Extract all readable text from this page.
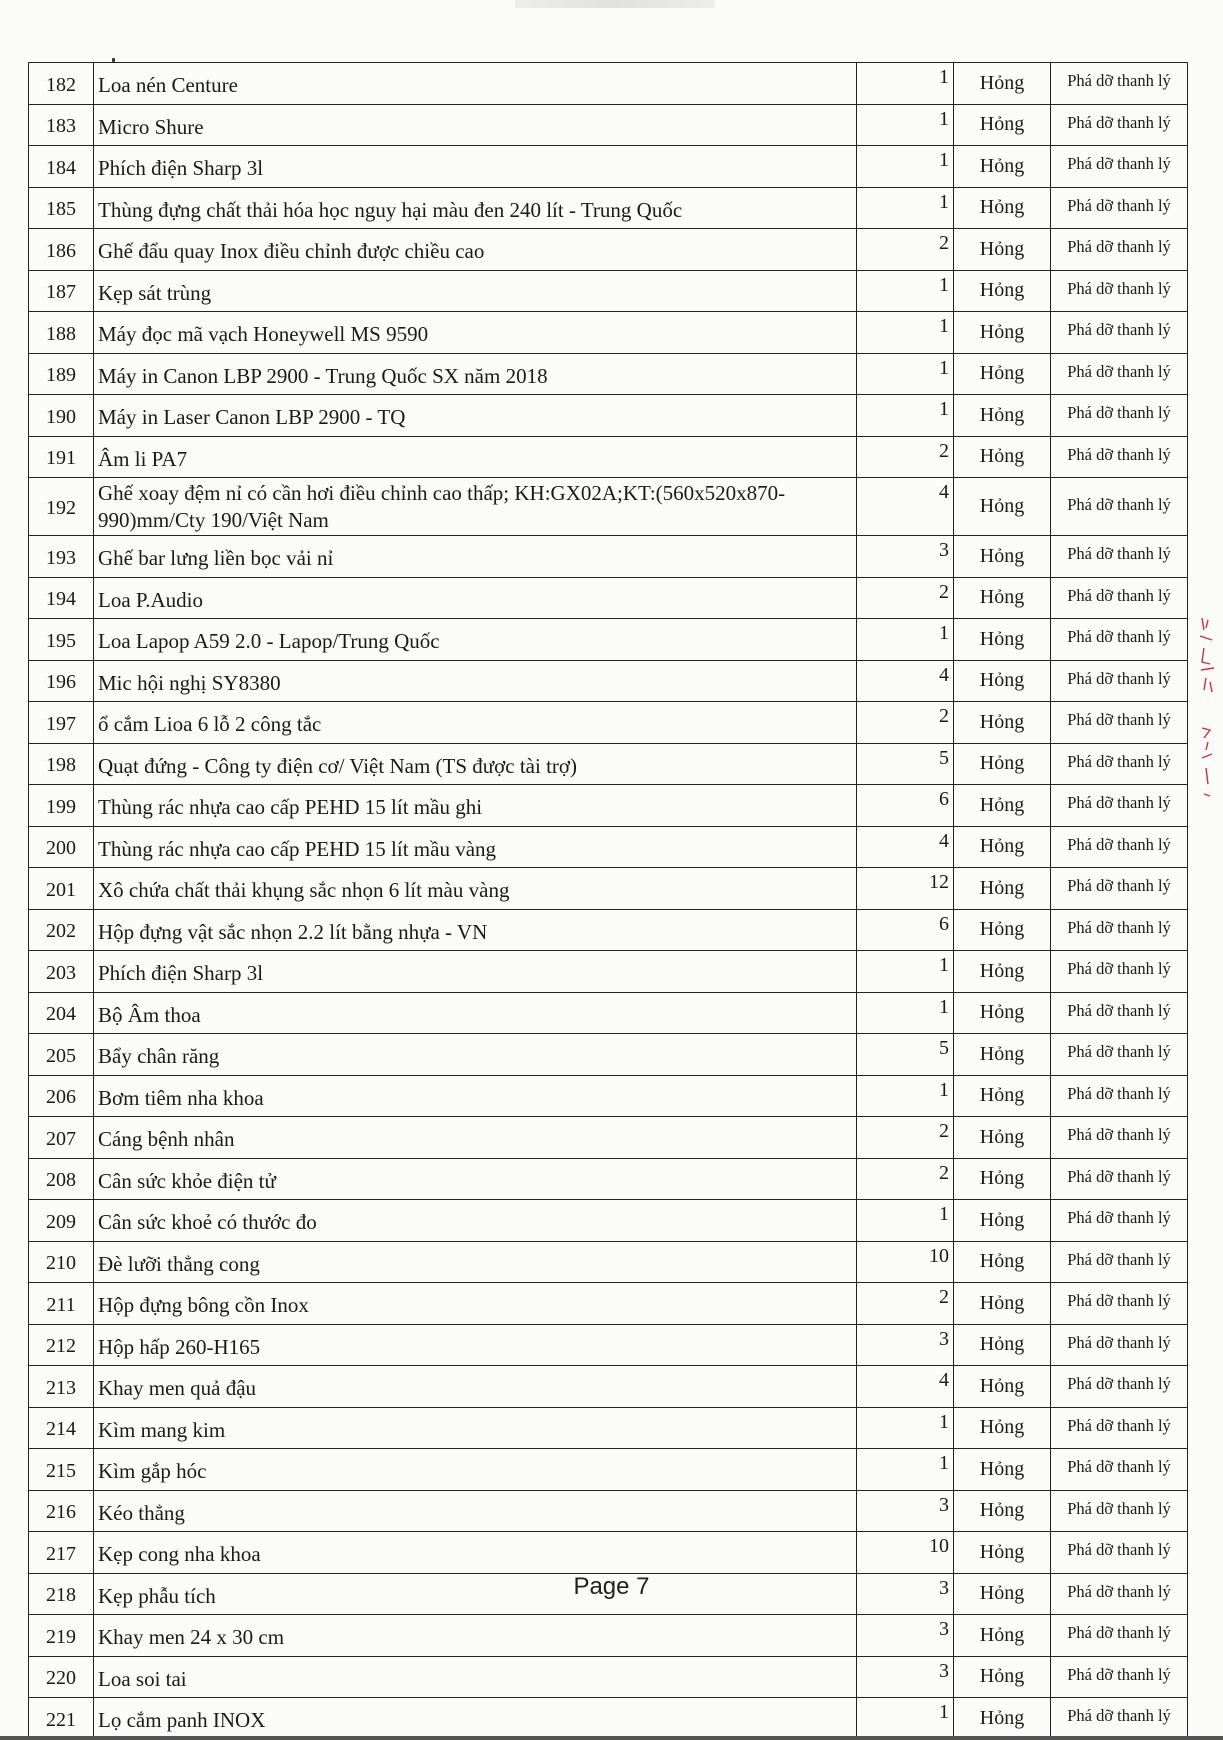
182	Loa nén Centure	1	Hỏng	Phá dỡ thanh lý
183	Micro Shure	1	Hỏng	Phá dỡ thanh lý
184	Phích điện Sharp 3l	1	Hỏng	Phá dỡ thanh lý
185	Thùng đựng chất thải hóa học nguy hại màu đen 240 lít - Trung Quốc	1	Hỏng	Phá dỡ thanh lý
186	Ghế đẩu quay Inox điều chỉnh được chiều cao	2	Hỏng	Phá dỡ thanh lý
187	Kẹp sát trùng	1	Hỏng	Phá dỡ thanh lý
188	Máy đọc mã vạch Honeywell MS 9590	1	Hỏng	Phá dỡ thanh lý
189	Máy in Canon LBP 2900 - Trung Quốc SX năm 2018	1	Hỏng	Phá dỡ thanh lý
190	Máy in Laser Canon LBP 2900 - TQ	1	Hỏng	Phá dỡ thanh lý
191	Âm li PA7	2	Hỏng	Phá dỡ thanh lý
192	Ghế xoay đệm nỉ có cần hơi điều chỉnh cao thấp; KH:GX02A;KT:(560x520x870-990)mm/Cty 190/Việt Nam	4	Hỏng	Phá dỡ thanh lý
193	Ghế bar lưng liền bọc vải nỉ	3	Hỏng	Phá dỡ thanh lý
194	Loa P.Audio	2	Hỏng	Phá dỡ thanh lý
195	Loa Lapop A59 2.0 - Lapop/Trung Quốc	1	Hỏng	Phá dỡ thanh lý
196	Mic hội nghị SY8380	4	Hỏng	Phá dỡ thanh lý
197	ổ cắm Lioa 6 lỗ 2 công tắc	2	Hỏng	Phá dỡ thanh lý
198	Quạt đứng - Công ty điện cơ/ Việt Nam (TS được tài trợ)	5	Hỏng	Phá dỡ thanh lý
199	Thùng rác nhựa cao cấp PEHD 15 lít mầu ghi	6	Hỏng	Phá dỡ thanh lý
200	Thùng rác nhựa cao cấp PEHD 15 lít mầu vàng	4	Hỏng	Phá dỡ thanh lý
201	Xô chứa chất thải khụng sắc nhọn 6 lít màu vàng	12	Hỏng	Phá dỡ thanh lý
202	Hộp đựng vật sắc nhọn 2.2 lít bằng nhựa - VN	6	Hỏng	Phá dỡ thanh lý
203	Phích điện Sharp 3l	1	Hỏng	Phá dỡ thanh lý
204	Bộ Âm thoa	1	Hỏng	Phá dỡ thanh lý
205	Bẩy chân răng	5	Hỏng	Phá dỡ thanh lý
206	Bơm tiêm nha khoa	1	Hỏng	Phá dỡ thanh lý
207	Cáng bệnh nhân	2	Hỏng	Phá dỡ thanh lý
208	Cân sức khỏe điện tử	2	Hỏng	Phá dỡ thanh lý
209	Cân sức khoẻ có thước đo	1	Hỏng	Phá dỡ thanh lý
210	Đè lưỡi thẳng cong	10	Hỏng	Phá dỡ thanh lý
211	Hộp đựng bông cồn Inox	2	Hỏng	Phá dỡ thanh lý
212	Hộp hấp 260-H165	3	Hỏng	Phá dỡ thanh lý
213	Khay men quả đậu	4	Hỏng	Phá dỡ thanh lý
214	Kìm mang kim	1	Hỏng	Phá dỡ thanh lý
215	Kìm gắp hóc	1	Hỏng	Phá dỡ thanh lý
216	Kéo thẳng	3	Hỏng	Phá dỡ thanh lý
217	Kẹp cong nha khoa	10	Hỏng	Phá dỡ thanh lý
218	Kẹp phẫu tích	3	Hỏng	Phá dỡ thanh lý
219	Khay men 24 x 30 cm	3	Hỏng	Phá dỡ thanh lý
220	Loa soi tai	3	Hỏng	Phá dỡ thanh lý
221	Lọ cắm panh INOX	1	Hỏng	Phá dỡ thanh lý
Page 7
